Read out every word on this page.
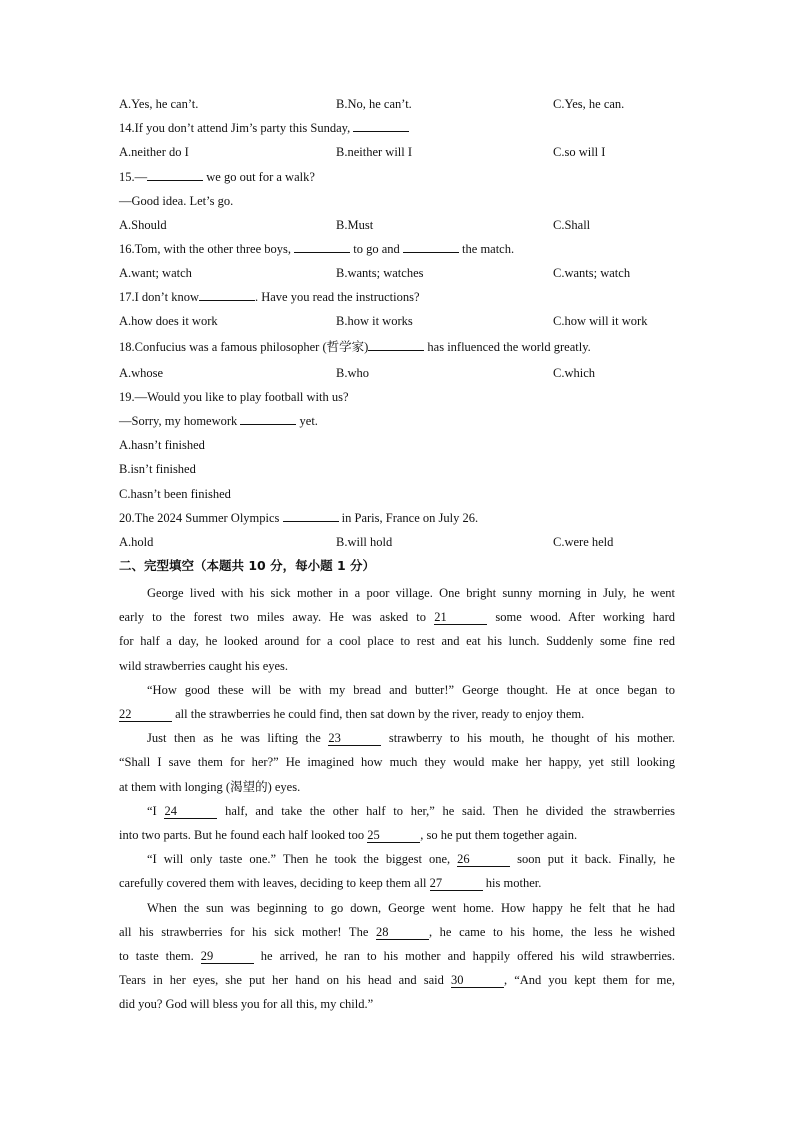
A.Yes, he can’t.	B.No, he can’t.	C.Yes, he can.
14.If you don’t attend Jim’s party this Sunday,
A.neither do I	B.neither will I	C.so will I
15.—	we go out for a walk?
—Good idea. Let’s go.
A.Should	B.Must	C.Shall
16.Tom, with the other three boys,	to go and	the match.
A.want; watch	B.wants; watches	C.wants; watch
17.I don’t know	. Have you read the instructions?
A.how does it work	B.how it works	C.how will it work
18.Confucius was a famous philosopher (哲学家)	has influenced the world greatly.
A.whose	B.who	C.which
19.—Would you like to play football with us?
—Sorry, my homework	yet.
A.hasn’t finished
B.isn’t finished
C.hasn’t been finished
20.The 2024 Summer Olympics	in Paris, France on July 26.
A.hold	B.will hold	C.were held
二、完型填空（本题共 10 分，每小题 1 分）
George lived with his sick mother in a poor village. One bright sunny morning in July, he went
early to the forest two miles away. He was asked to 21	some wood. After working hard
for half a day, he looked around for a cool place to rest and eat his lunch. Suddenly some fine red
wild strawberries caught his eyes.
“How good these will be with my bread and butter!” George thought. He at once began to
22	all the strawberries he could find, then sat down by the river, ready to enjoy them.
Just then as he was lifting the 23	strawberry to his mouth, he thought of his mother.
“Shall I save them for her?” He imagined how much they would make her happy, yet still looking
at them with longing (渴望的) eyes.
“I 24	half, and take the other half to her,” he said. Then he divided the strawberries
into two parts. But he found each half looked too 25	, so he put them together again.
“I will only taste one.” Then he took the biggest one, 26	soon put it back. Finally, he
carefully covered them with leaves, deciding to keep them all 27	his mother.
When the sun was beginning to go down, George went home. How happy he felt that he had
all his strawberries for his sick mother! The 28	, he came to his home, the less he wished
to taste them. 29	he arrived, he ran to his mother and happily offered his wild strawberries.
Tears in her eyes, she put her hand on his head and said 30	, “And you kept them for me,
did you? God will bless you for all this, my child.”
